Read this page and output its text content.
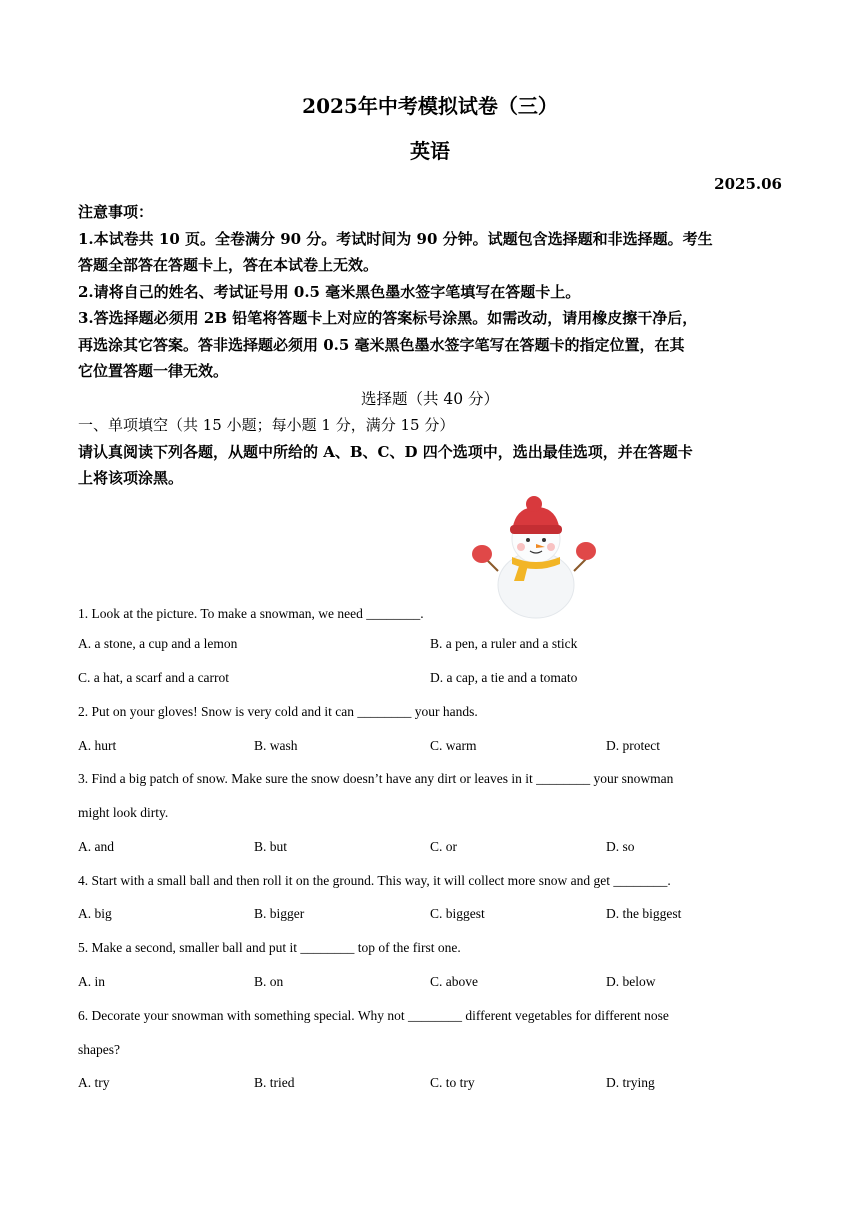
2025年中考模拟试卷（三）
英语
2025.06
注意事项：
1.本试卷共 10 页。全卷满分 90 分。考试时间为 90 分钟。试题包含选择题和非选择题。考生
答题全部答在答题卡上，答在本试卷上无效。
2.请将自己的姓名、考试证号用 0.5 毫米黑色墨水签字笔填写在答题卡上。
3.答选择题必须用 2B 铅笔将答题卡上对应的答案标号涂黑。如需改动，请用橡皮擦干净后，
再选涂其它答案。答非选择题必须用 0.5 毫米黑色墨水签字笔写在答题卡的指定位置，在其
它位置答题一律无效。
选择题（共 40 分）
一、单项填空（共 15 小题；每小题 1 分，满分 15 分）
请认真阅读下列各题，从题中所给的 A、B、C、D 四个选项中，选出最佳选项，并在答题卡
上将该项涂黑。
1. Look at the picture. To make a snowman, we need ________.
A. a stone, a cup and a lemon	B. a pen, a ruler and a stick
C. a hat, a scarf and a carrot	D. a cap, a tie and a tomato
2. Put on your gloves! Snow is very cold and it can ________ your hands.
A. hurt	B. wash	C. warm	D. protect
3. Find a big patch of snow. Make sure the snow doesn’t have any dirt or leaves in it ________ your snowman
might look dirty.
A. and	B. but	C. or	D. so
4. Start with a small ball and then roll it on the ground. This way, it will collect more snow and get ________.
A. big	B. bigger	C. biggest	D. the biggest
5. Make a second, smaller ball and put it ________ top of the first one.
A. in	B. on	C. above	D. below
6. Decorate your snowman with something special. Why not ________ different vegetables for different nose
shapes?
A. try	B. tried	C. to try	D. trying
